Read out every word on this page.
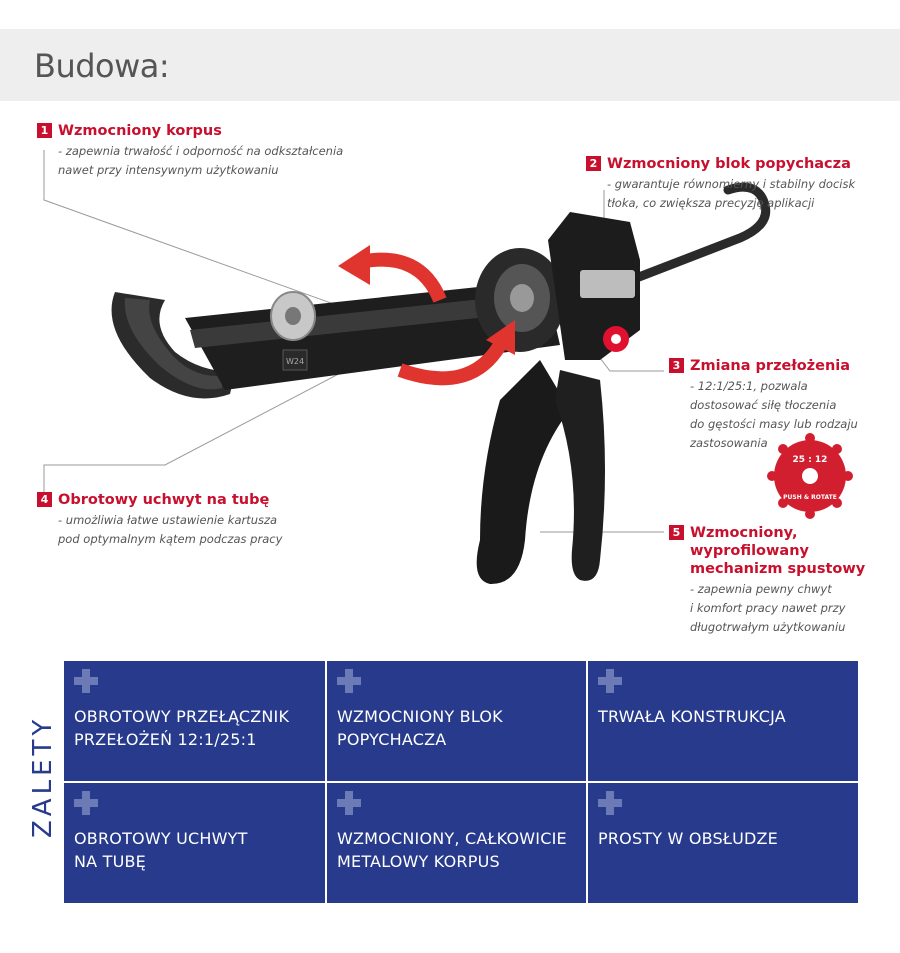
Budowa:
W24
25 : 12
PUSH & ROTATE
1 Wzmocniony korpus
- zapewnia trwałość i odporność na odkształcenia
nawet przy intensywnym użytkowaniu	2 Wzmocniony blok popychacza
- gwarantuje równomierny i stabilny docisk
tłoka, co zwiększa precyzję aplikacji
3 Zmiana przełożenia
- 12:1/25:1, pozwala
dostosować siłę tłoczenia
do gęstości masy lub rodzaju
zastosowania
4 Obrotowy uchwyt na tubę
- umożliwia łatwe ustawienie kartusza
pod optymalnym kątem podczas pracy	5 Wzmocniony,
wyprofilowany
mechanizm spustowy
- zapewnia pewny chwyt
i komfort pracy nawet przy
długotrwałym użytkowaniu
ZALETY OBROTOWY PRZEŁĄCZNIK
PRZEŁOŻEŃ 12:1/25:1
WZMOCNIONY BLOK
POPYCHACZA
TRWAŁA KONSTRUKCJA
OBROTOWY UCHWYT
NA TUBĘ
WZMOCNIONY, CAŁKOWICIE
METALOWY KORPUS
PROSTY W OBSŁUDZE
